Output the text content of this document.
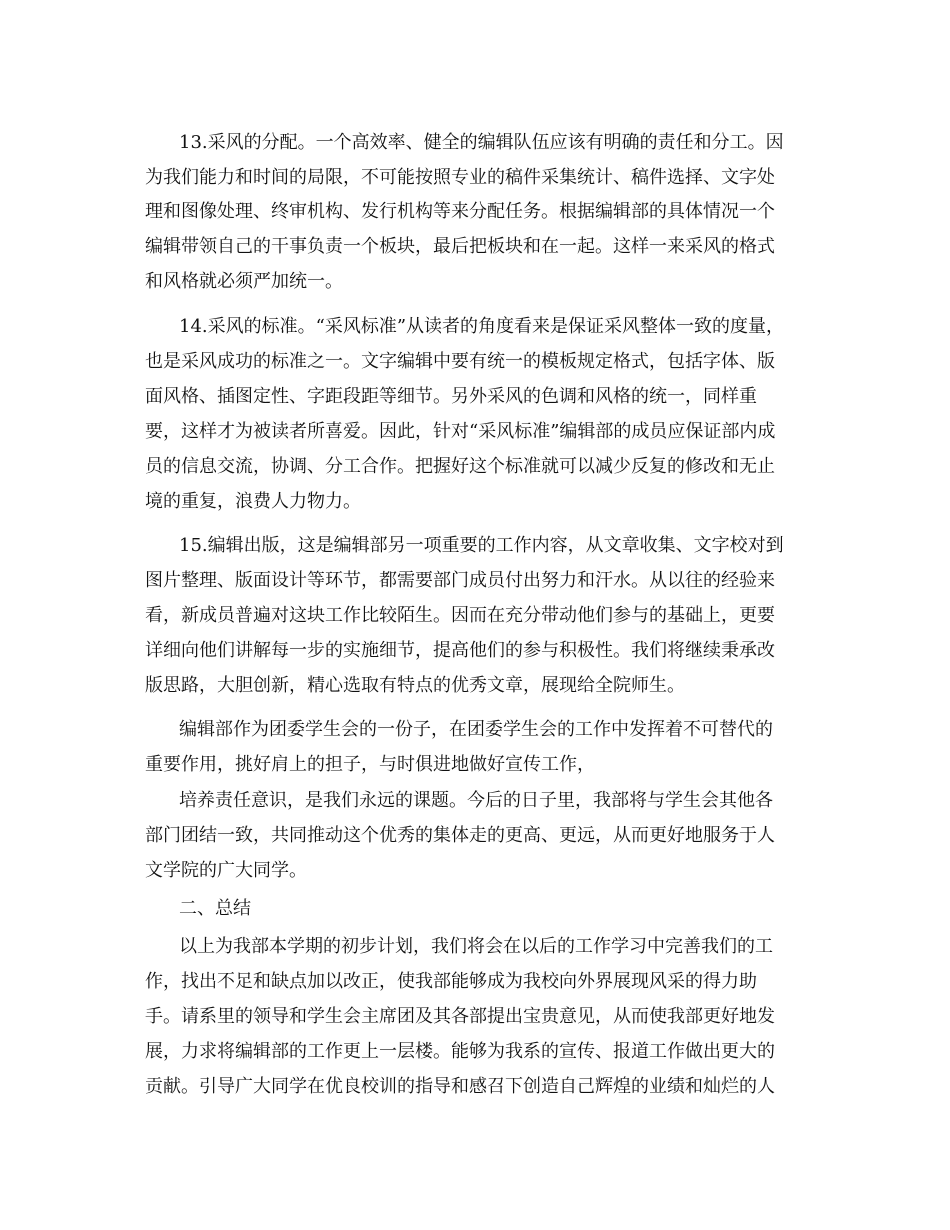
13.采风的分配。一个高效率、健全的编辑队伍应该有明确的责任和分工。因
为我们能力和时间的局限，不可能按照专业的稿件采集统计、稿件选择、文字处
理和图像处理、终审机构、发行机构等来分配任务。根据编辑部的具体情况一个
编辑带领自己的干事负责一个板块，最后把板块和在一起。这样一来采风的格式
和风格就必须严加统一。
14.采风的标准。“采风标准”从读者的角度看来是保证采风整体一致的度量，
也是采风成功的标准之一。文字编辑中要有统一的模板规定格式，包括字体、版
面风格、插图定性、字距段距等细节。另外采风的色调和风格的统一，同样重
要，这样才为被读者所喜爱。因此，针对“采风标准”编辑部的成员应保证部内成
员的信息交流，协调、分工合作。把握好这个标准就可以减少反复的修改和无止
境的重复，浪费人力物力。
15.编辑出版，这是编辑部另一项重要的工作内容，从文章收集、文字校对到
图片整理、版面设计等环节，都需要部门成员付出努力和汗水。从以往的经验来
看，新成员普遍对这块工作比较陌生。因而在充分带动他们参与的基础上，更要
详细向他们讲解每一步的实施细节，提高他们的参与积极性。我们将继续秉承改
版思路，大胆创新，精心选取有特点的优秀文章，展现给全院师生。
编辑部作为团委学生会的一份子，在团委学生会的工作中发挥着不可替代的
重要作用，挑好肩上的担子，与时俱进地做好宣传工作，
培养责任意识，是我们永远的课题。今后的日子里，我部将与学生会其他各
部门团结一致，共同推动这个优秀的集体走的更高、更远，从而更好地服务于人
文学院的广大同学。
二、总结
以上为我部本学期的初步计划，我们将会在以后的工作学习中完善我们的工
作，找出不足和缺点加以改正，使我部能够成为我校向外界展现风采的得力助
手。请系里的领导和学生会主席团及其各部提出宝贵意见，从而使我部更好地发
展，力求将编辑部的工作更上一层楼。能够为我系的宣传、报道工作做出更大的
贡献。引导广大同学在优良校训的指导和感召下创造自己辉煌的业绩和灿烂的人
